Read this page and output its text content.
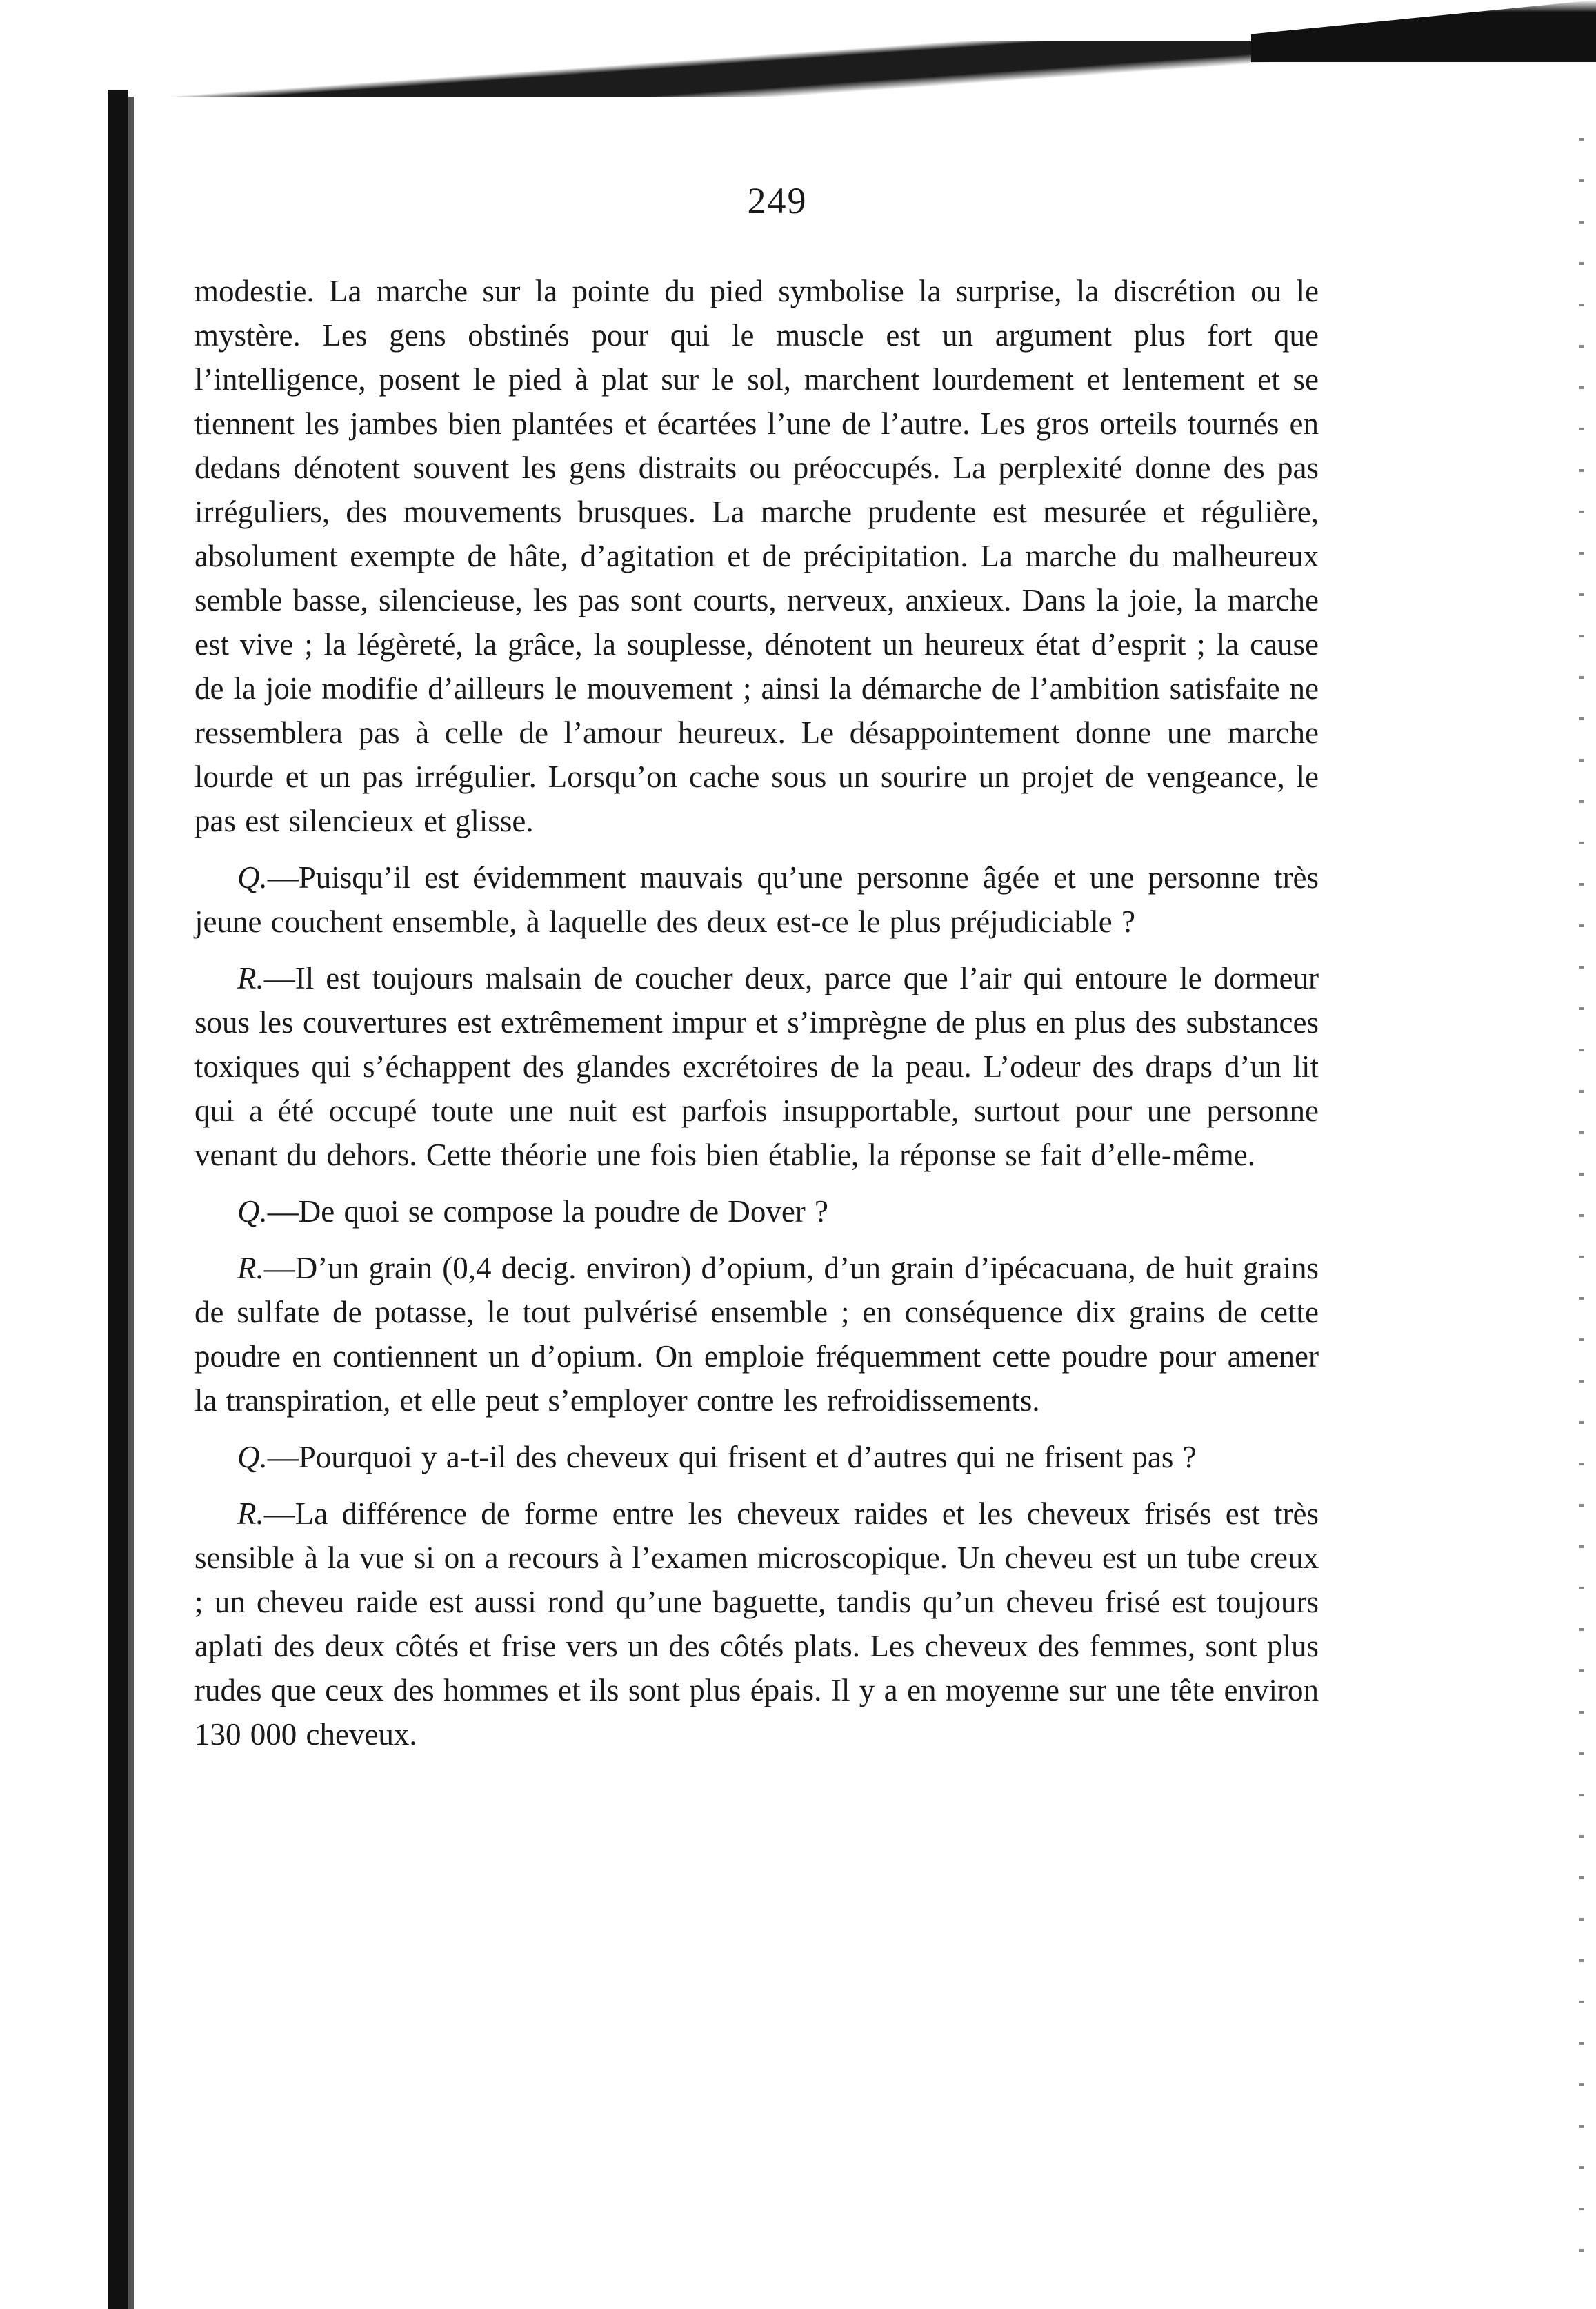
249

modestie. La marche sur la pointe du pied symbolise la surprise, la discrétion ou le mystère. Les gens obstinés pour qui le muscle est un argument plus fort que l’intelligence, posent le pied à plat sur le sol, marchent lourdement et lentement et se tiennent les jambes bien plantées et écartées l’une de l’autre. Les gros orteils tournés en dedans dénotent souvent les gens distraits ou préoccupés. La perplexité donne des pas irréguliers, des mouvements brusques. La marche prudente est mesurée et régulière, absolument exempte de hâte, d’agitation et de précipitation. La marche du malheureux semble basse, silencieuse, les pas sont courts, nerveux, anxieux. Dans la joie, la marche est vive ; la légèreté, la grâce, la souplesse, dénotent un heureux état d’esprit ; la cause de la joie modifie d’ailleurs le mouvement ; ainsi la démarche de l’ambition satisfaite ne ressemblera pas à celle de l’amour heureux. Le désappointement donne une marche lourde et un pas irrégulier. Lorsqu’on cache sous un sourire un projet de vengeance, le pas est silencieux et glisse.

Q.—Puisqu’il est évidemment mauvais qu’une personne âgée et une personne très jeune couchent ensemble, à laquelle des deux est-ce le plus préjudiciable ?

R.—Il est toujours malsain de coucher deux, parce que l’air qui entoure le dormeur sous les couvertures est extrêmement impur et s’imprègne de plus en plus des substances toxiques qui s’échappent des glandes excrétoires de la peau. L’odeur des draps d’un lit qui a été occupé toute une nuit est parfois insupportable, surtout pour une personne venant du dehors. Cette théorie une fois bien établie, la réponse se fait d’elle-même.

Q.—De quoi se compose la poudre de Dover ?

R.—D’un grain (0,4 decig. environ) d’opium, d’un grain d’ipécacuana, de huit grains de sulfate de potasse, le tout pulvérisé ensemble ; en conséquence dix grains de cette poudre en contiennent un d’opium. On emploie fréquemment cette poudre pour amener la transpiration, et elle peut s’employer contre les refroidissements.

Q.—Pourquoi y a-t-il des cheveux qui frisent et d’autres qui ne frisent pas ?

R.—La différence de forme entre les cheveux raides et les cheveux frisés est très sensible à la vue si on a recours à l’examen microscopique. Un cheveu est un tube creux ; un cheveu raide est aussi rond qu’une baguette, tandis qu’un cheveu frisé est toujours aplati des deux côtés et frise vers un des côtés plats. Les cheveux des femmes, sont plus rudes que ceux des hommes et ils sont plus épais. Il y a en moyenne sur une tête environ 130 000 cheveux.
